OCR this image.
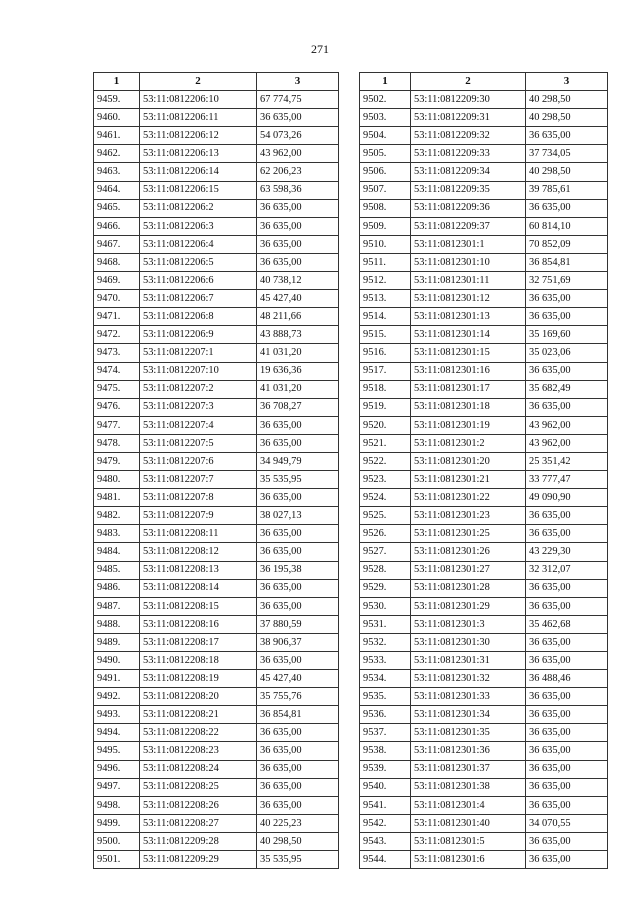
271
1	2	3
9459.	53:11:0812206:10	67 774,75
9460.	53:11:0812206:11	36 635,00
9461.	53:11:0812206:12	54 073,26
9462.	53:11:0812206:13	43 962,00
9463.	53:11:0812206:14	62 206,23
9464.	53:11:0812206:15	63 598,36
9465.	53:11:0812206:2	36 635,00
9466.	53:11:0812206:3	36 635,00
9467.	53:11:0812206:4	36 635,00
9468.	53:11:0812206:5	36 635,00
9469.	53:11:0812206:6	40 738,12
9470.	53:11:0812206:7	45 427,40
9471.	53:11:0812206:8	48 211,66
9472.	53:11:0812206:9	43 888,73
9473.	53:11:0812207:1	41 031,20
9474.	53:11:0812207:10	19 636,36
9475.	53:11:0812207:2	41 031,20
9476.	53:11:0812207:3	36 708,27
9477.	53:11:0812207:4	36 635,00
9478.	53:11:0812207:5	36 635,00
9479.	53:11:0812207:6	34 949,79
9480.	53:11:0812207:7	35 535,95
9481.	53:11:0812207:8	36 635,00
9482.	53:11:0812207:9	38 027,13
9483.	53:11:0812208:11	36 635,00
9484.	53:11:0812208:12	36 635,00
9485.	53:11:0812208:13	36 195,38
9486.	53:11:0812208:14	36 635,00
9487.	53:11:0812208:15	36 635,00
9488.	53:11:0812208:16	37 880,59
9489.	53:11:0812208:17	38 906,37
9490.	53:11:0812208:18	36 635,00
9491.	53:11:0812208:19	45 427,40
9492.	53:11:0812208:20	35 755,76
9493.	53:11:0812208:21	36 854,81
9494.	53:11:0812208:22	36 635,00
9495.	53:11:0812208:23	36 635,00
9496.	53:11:0812208:24	36 635,00
9497.	53:11:0812208:25	36 635,00
9498.	53:11:0812208:26	36 635,00
9499.	53:11:0812208:27	40 225,23
9500.	53:11:0812209:28	40 298,50
9501.	53:11:0812209:29	35 535,95
1	2	3
9502.	53:11:0812209:30	40 298,50
9503.	53:11:0812209:31	40 298,50
9504.	53:11:0812209:32	36 635,00
9505.	53:11:0812209:33	37 734,05
9506.	53:11:0812209:34	40 298,50
9507.	53:11:0812209:35	39 785,61
9508.	53:11:0812209:36	36 635,00
9509.	53:11:0812209:37	60 814,10
9510.	53:11:0812301:1	70 852,09
9511.	53:11:0812301:10	36 854,81
9512.	53:11:0812301:11	32 751,69
9513.	53:11:0812301:12	36 635,00
9514.	53:11:0812301:13	36 635,00
9515.	53:11:0812301:14	35 169,60
9516.	53:11:0812301:15	35 023,06
9517.	53:11:0812301:16	36 635,00
9518.	53:11:0812301:17	35 682,49
9519.	53:11:0812301:18	36 635,00
9520.	53:11:0812301:19	43 962,00
9521.	53:11:0812301:2	43 962,00
9522.	53:11:0812301:20	25 351,42
9523.	53:11:0812301:21	33 777,47
9524.	53:11:0812301:22	49 090,90
9525.	53:11:0812301:23	36 635,00
9526.	53:11:0812301:25	36 635,00
9527.	53:11:0812301:26	43 229,30
9528.	53:11:0812301:27	32 312,07
9529.	53:11:0812301:28	36 635,00
9530.	53:11:0812301:29	36 635,00
9531.	53:11:0812301:3	35 462,68
9532.	53:11:0812301:30	36 635,00
9533.	53:11:0812301:31	36 635,00
9534.	53:11:0812301:32	36 488,46
9535.	53:11:0812301:33	36 635,00
9536.	53:11:0812301:34	36 635,00
9537.	53:11:0812301:35	36 635,00
9538.	53:11:0812301:36	36 635,00
9539.	53:11:0812301:37	36 635,00
9540.	53:11:0812301:38	36 635,00
9541.	53:11:0812301:4	36 635,00
9542.	53:11:0812301:40	34 070,55
9543.	53:11:0812301:5	36 635,00
9544.	53:11:0812301:6	36 635,00
